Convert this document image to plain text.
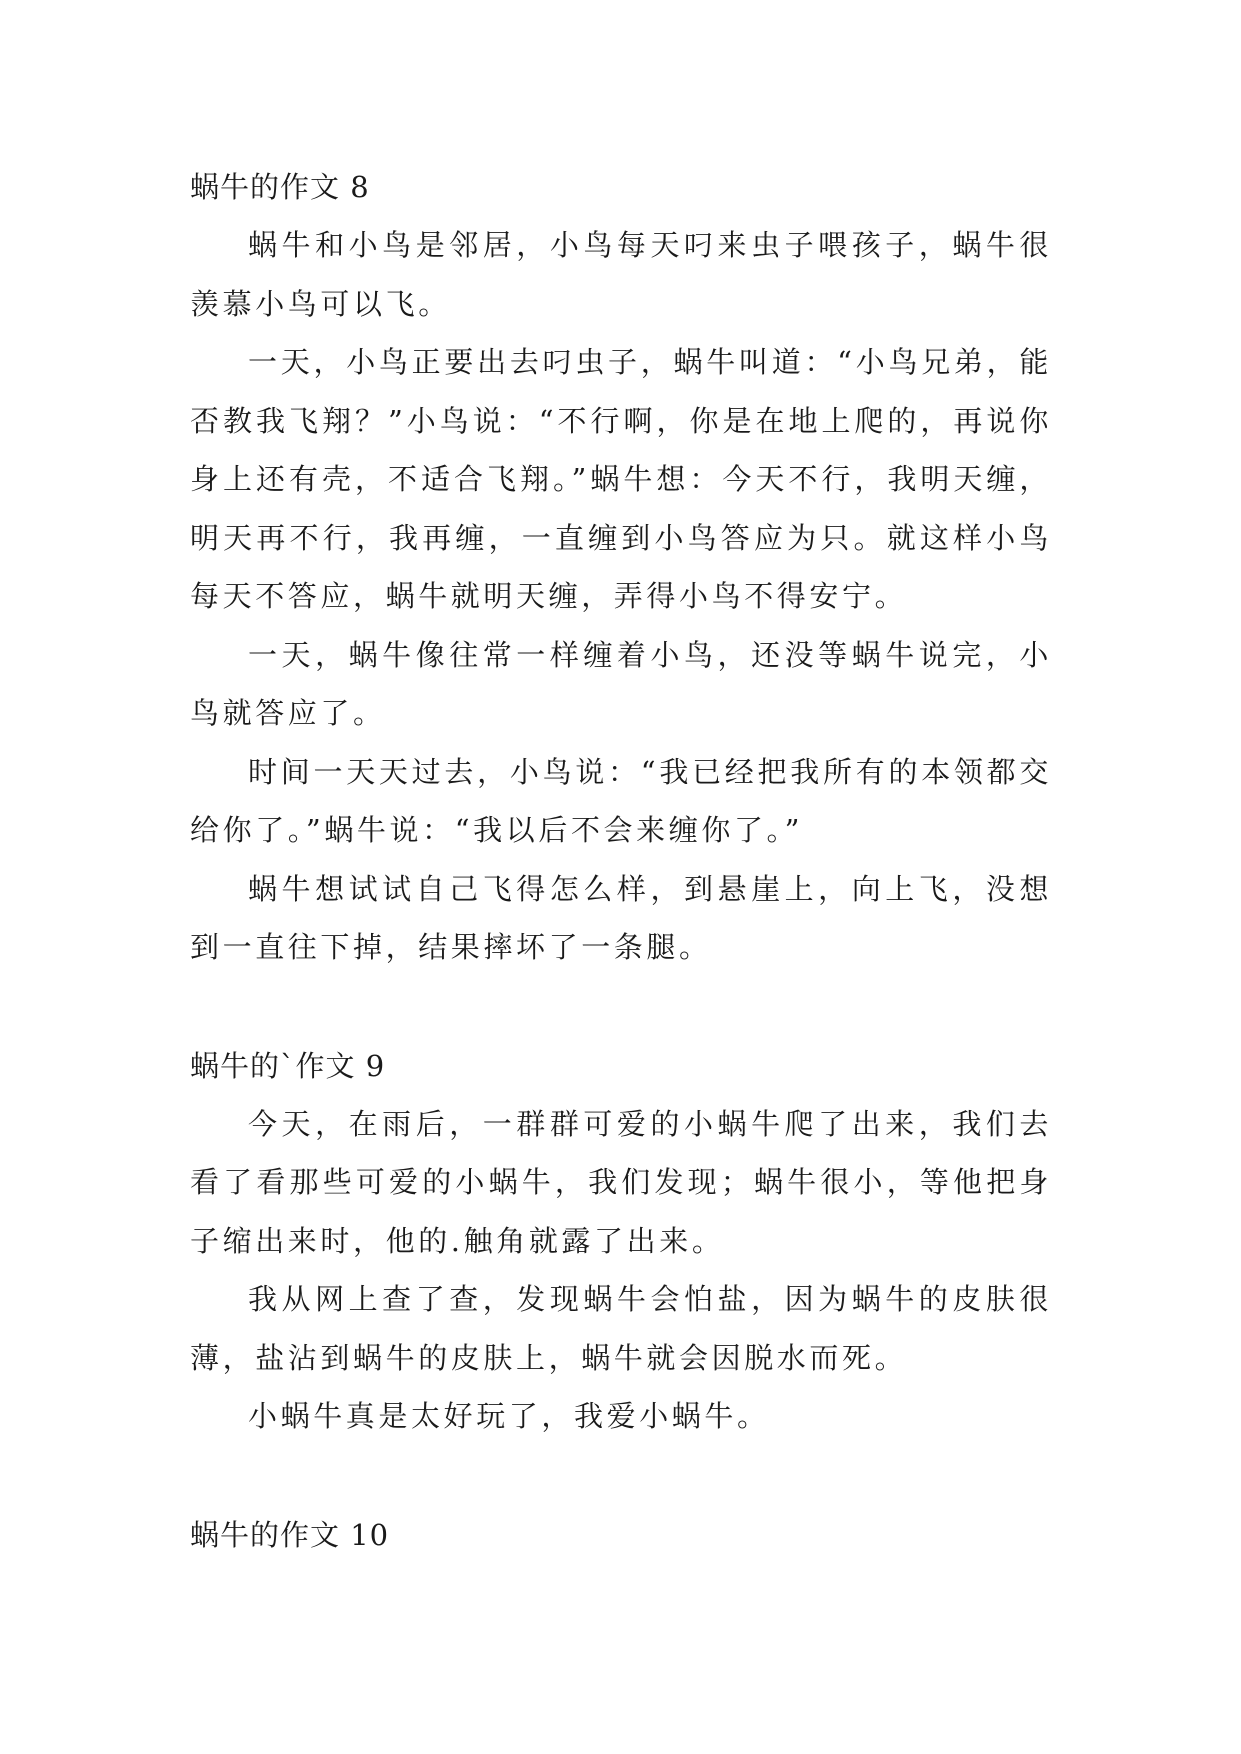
蜗牛的作文 8

蜗牛和小鸟是邻居，小鸟每天叼来虫子喂孩子，蜗牛很羡慕小鸟可以飞。

一天，小鸟正要出去叼虫子，蜗牛叫道：“小鸟兄弟，能否教我飞翔？”小鸟说：“不行啊，你是在地上爬的，再说你身上还有壳，不适合飞翔。”蜗牛想：今天不行，我明天缠，明天再不行，我再缠，一直缠到小鸟答应为只。就这样小鸟每天不答应，蜗牛就明天缠，弄得小鸟不得安宁。

一天，蜗牛像往常一样缠着小鸟，还没等蜗牛说完，小鸟就答应了。

时间一天天过去，小鸟说：“我已经把我所有的本领都交给你了。”蜗牛说：“我以后不会来缠你了。”

蜗牛想试试自己飞得怎么样，到悬崖上，向上飞，没想到一直往下掉，结果摔坏了一条腿。

蜗牛的`作文 9

今天，在雨后，一群群可爱的小蜗牛爬了出来，我们去看了看那些可爱的小蜗牛，我们发现；蜗牛很小，等他把身子缩出来时，他的.触角就露了出来。

我从网上查了查，发现蜗牛会怕盐，因为蜗牛的皮肤很薄，盐沾到蜗牛的皮肤上，蜗牛就会因脱水而死。

小蜗牛真是太好玩了，我爱小蜗牛。

蜗牛的作文 10
